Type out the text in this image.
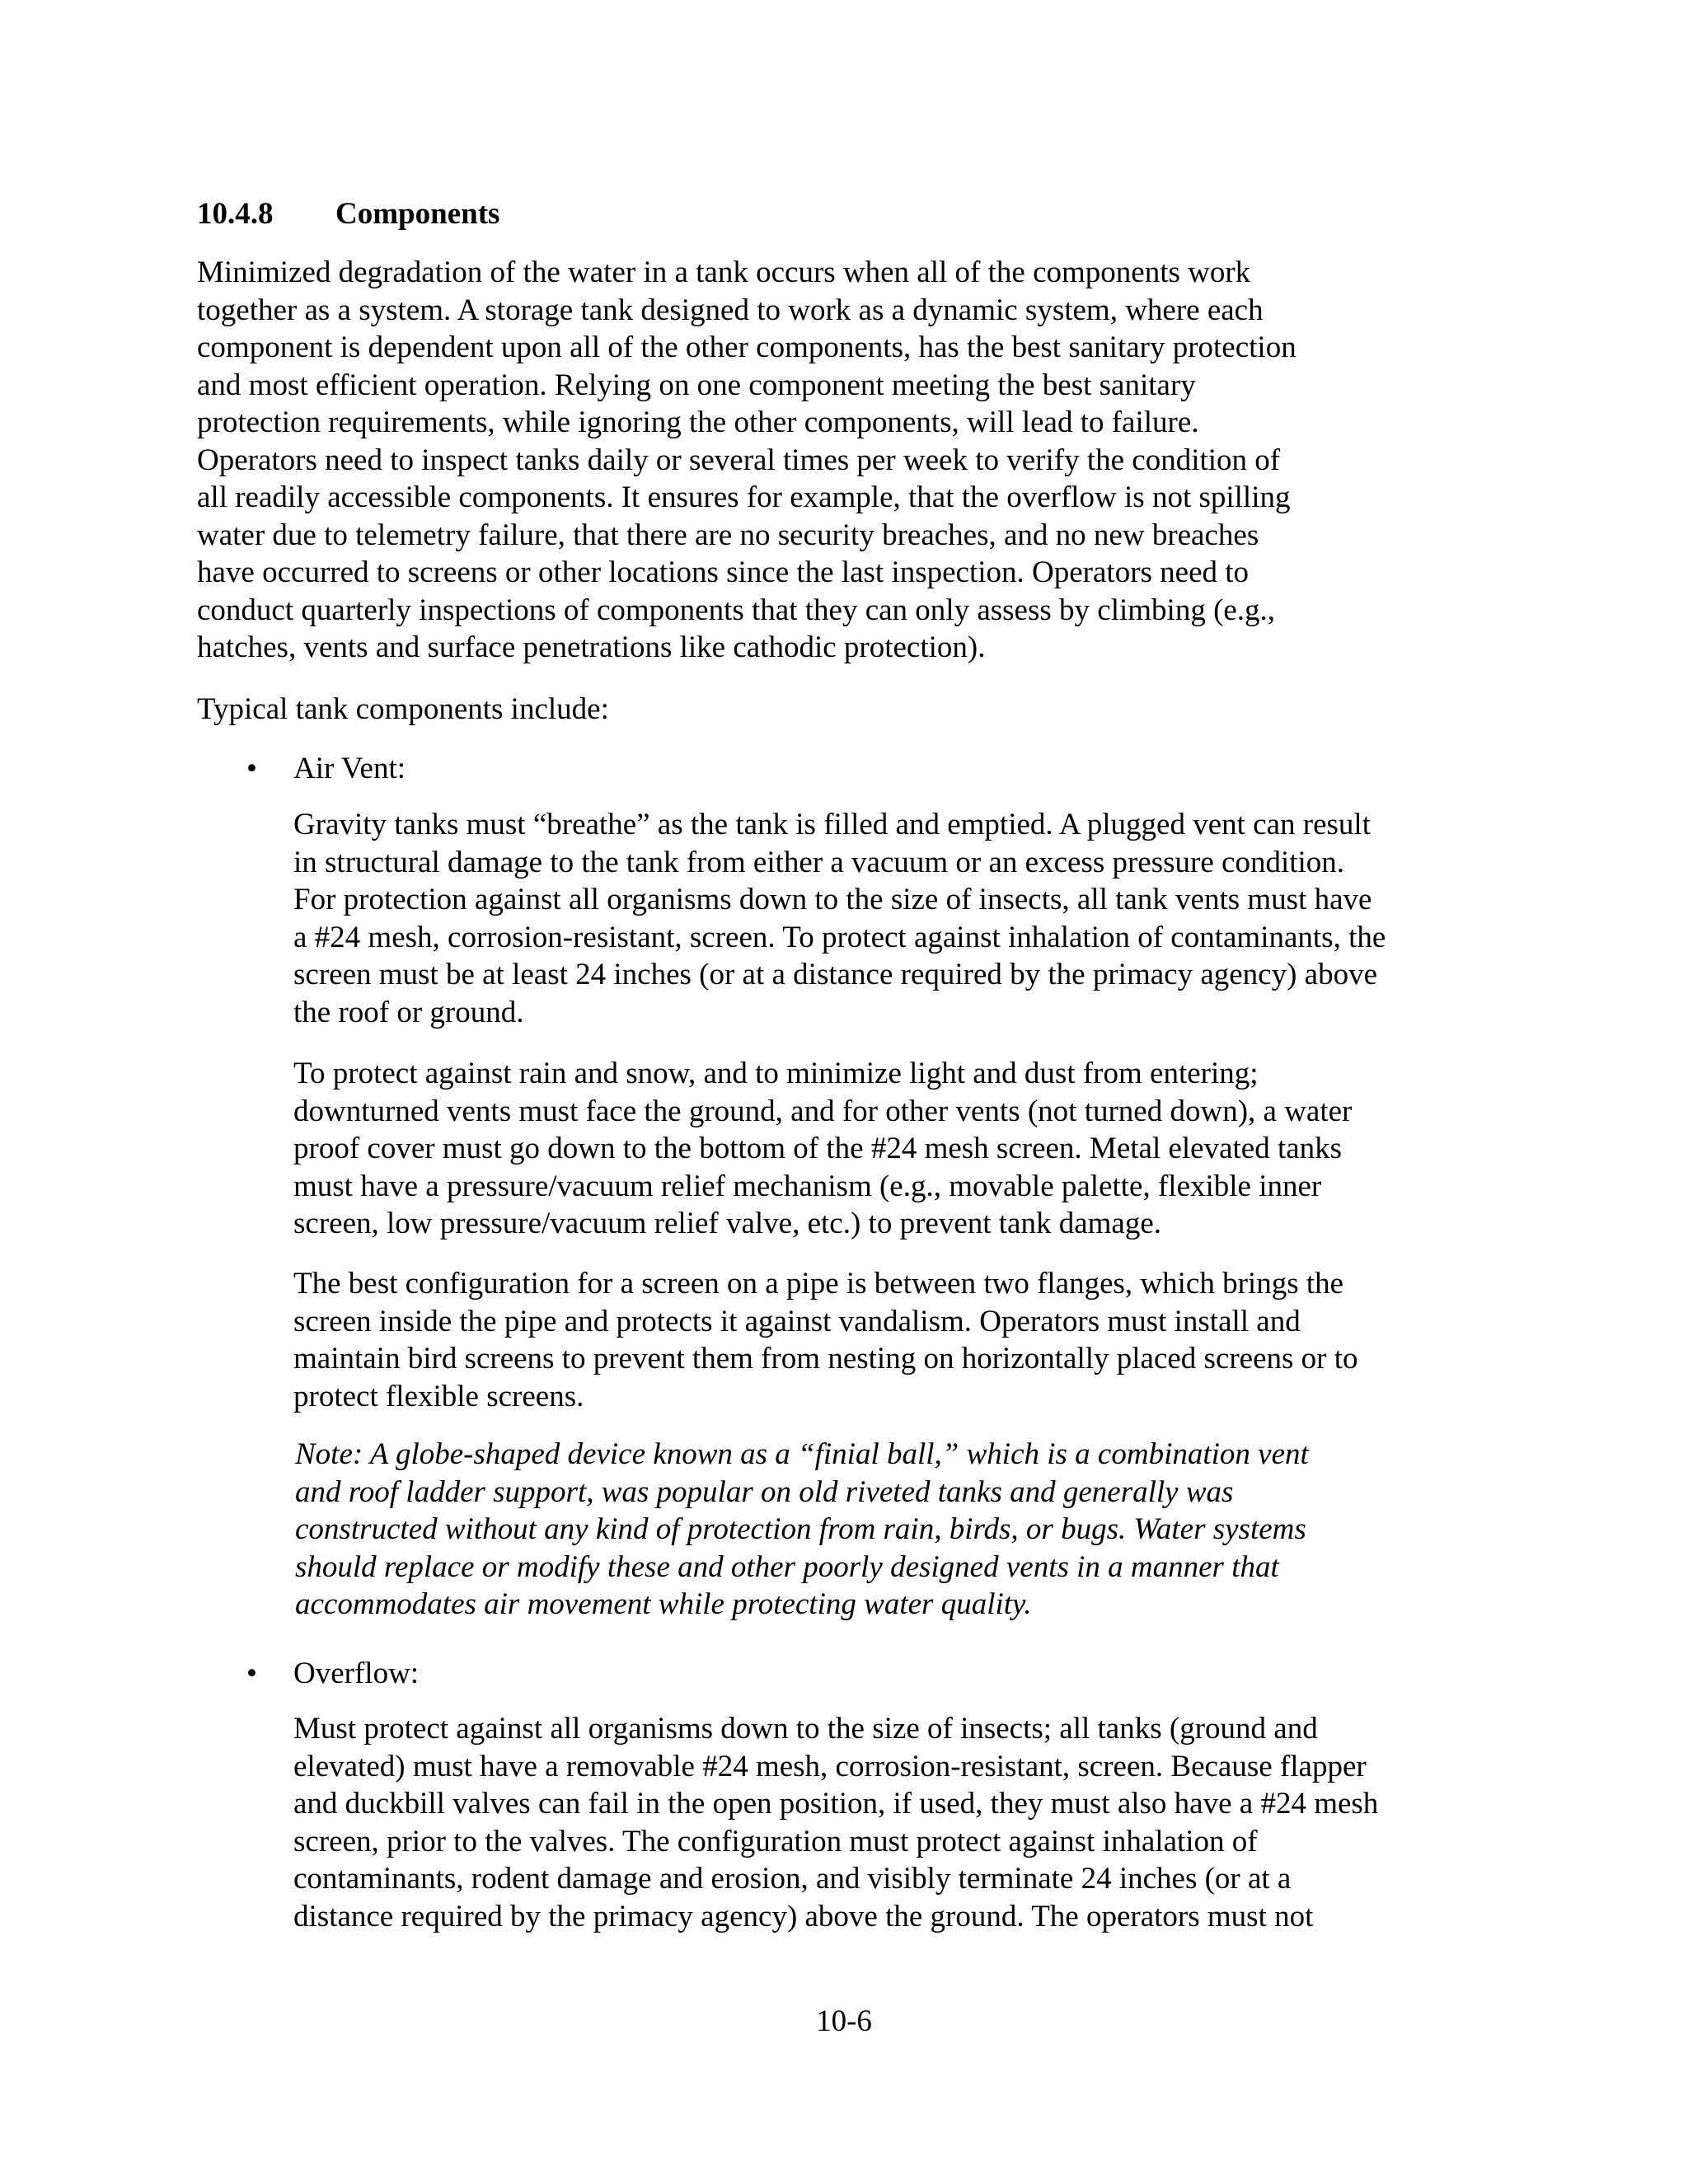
10.4.8 Components

Minimized degradation of the water in a tank occurs when all of the components work
together as a system. A storage tank designed to work as a dynamic system, where each
component is dependent upon all of the other components, has the best sanitary protection
and most efficient operation. Relying on one component meeting the best sanitary
protection requirements, while ignoring the other components, will lead to failure.
Operators need to inspect tanks daily or several times per week to verify the condition of
all readily accessible components. It ensures for example, that the overflow is not spilling
water due to telemetry failure, that there are no security breaches, and no new breaches
have occurred to screens or other locations since the last inspection. Operators need to
conduct quarterly inspections of components that they can only assess by climbing (e.g.,
hatches, vents and surface penetrations like cathodic protection).

Typical tank components include:

• Air Vent:

Gravity tanks must “breathe” as the tank is filled and emptied. A plugged vent can result
in structural damage to the tank from either a vacuum or an excess pressure condition.
For protection against all organisms down to the size of insects, all tank vents must have
a #24 mesh, corrosion-resistant, screen. To protect against inhalation of contaminants, the
screen must be at least 24 inches (or at a distance required by the primacy agency) above
the roof or ground.

To protect against rain and snow, and to minimize light and dust from entering;
downturned vents must face the ground, and for other vents (not turned down), a water
proof cover must go down to the bottom of the #24 mesh screen. Metal elevated tanks
must have a pressure/vacuum relief mechanism (e.g., movable palette, flexible inner
screen, low pressure/vacuum relief valve, etc.) to prevent tank damage.

The best configuration for a screen on a pipe is between two flanges, which brings the
screen inside the pipe and protects it against vandalism. Operators must install and
maintain bird screens to prevent them from nesting on horizontally placed screens or to
protect flexible screens.

Note: A globe-shaped device known as a “finial ball,” which is a combination vent
and roof ladder support, was popular on old riveted tanks and generally was
constructed without any kind of protection from rain, birds, or bugs. Water systems
should replace or modify these and other poorly designed vents in a manner that
accommodates air movement while protecting water quality.

• Overflow:

Must protect against all organisms down to the size of insects; all tanks (ground and
elevated) must have a removable #24 mesh, corrosion-resistant, screen. Because flapper
and duckbill valves can fail in the open position, if used, they must also have a #24 mesh
screen, prior to the valves. The configuration must protect against inhalation of
contaminants, rodent damage and erosion, and visibly terminate 24 inches (or at a
distance required by the primacy agency) above the ground. The operators must not

10-6
